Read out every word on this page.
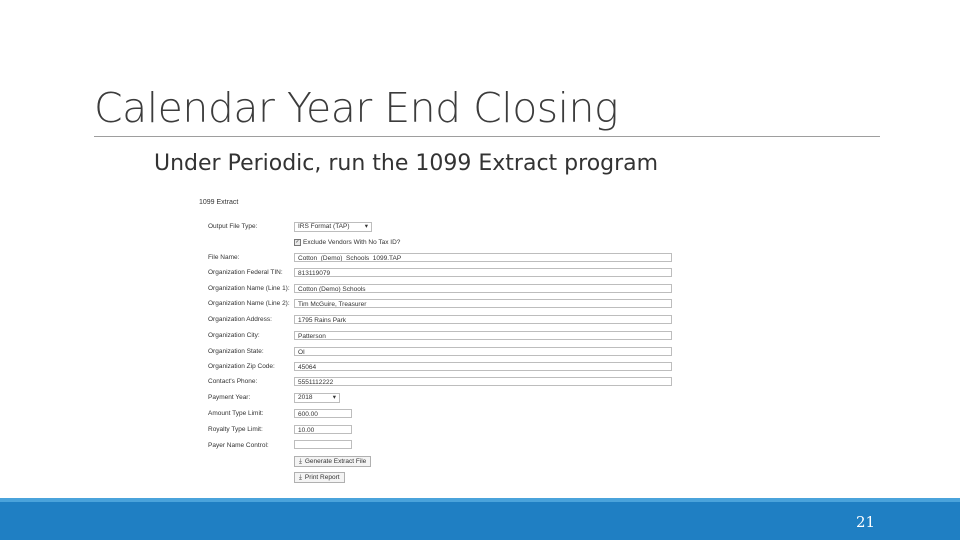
Calendar Year End Closing
Under Periodic, run the 1099 Extract program
1099 Extract
Output File Type:	IRS Format (TAP) ▾
✓ Exclude Vendors With No Tax ID?
File Name:	Cotton_(Demo)_Schools_1099.TAP
Organization Federal TIN:	813119079
Organization Name (Line 1):	Cotton (Demo) Schools
Organization Name (Line 2):	Tim McGuire, Treasurer
Organization Address:	1795 Rains Park
Organization City:	Patterson
Organization State:	OI
Organization Zip Code:	45064
Contact's Phone:	5551112222
Payment Year:	2018	▾
Amount Type Limit:	600.00
Royalty Type Limit:	10.00
Payer Name Control:
⤓ Generate Extract File
⤓ Print Report
21
